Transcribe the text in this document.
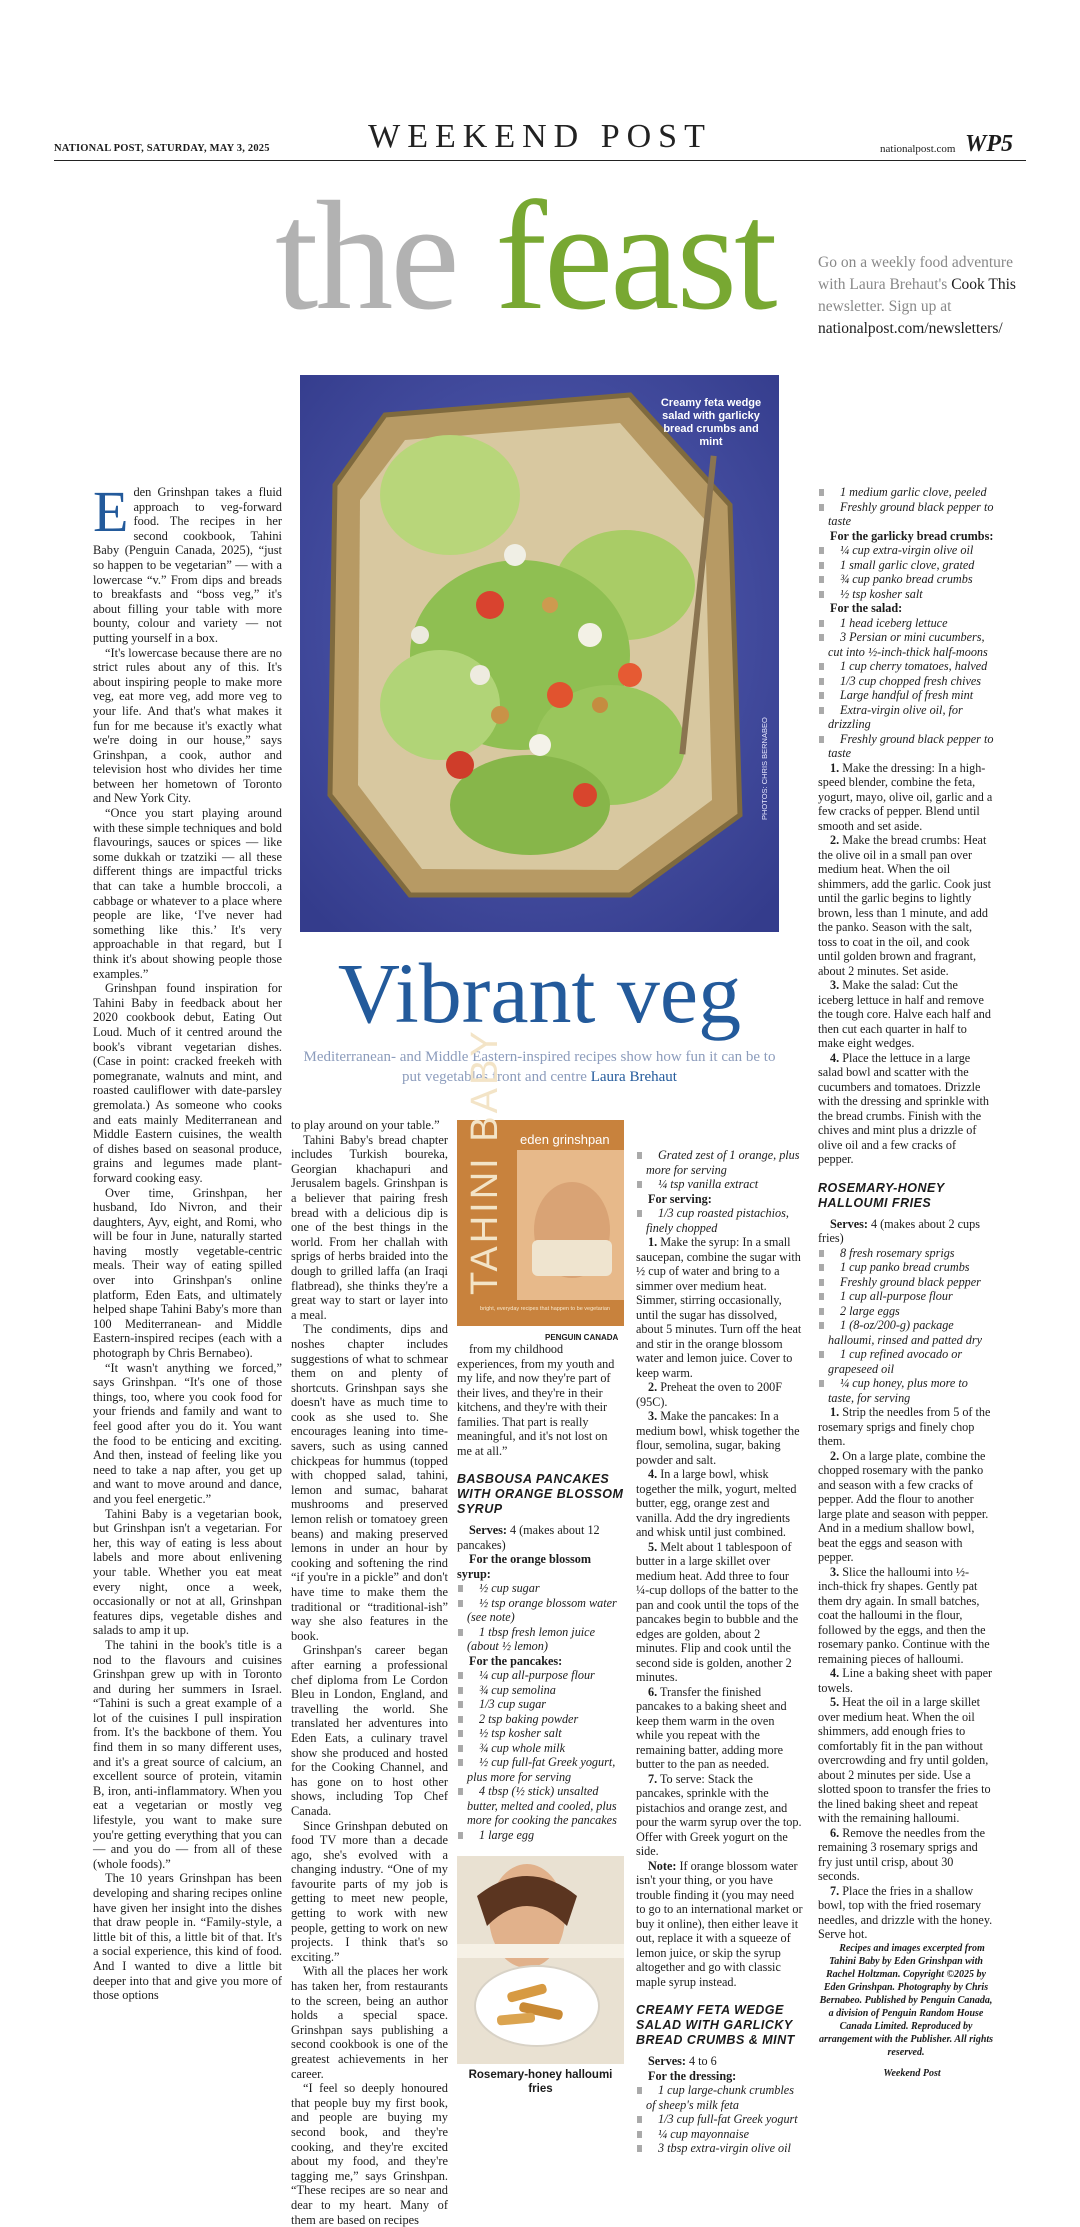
NATIONAL POST, SATURDAY, MAY 3, 2025	WEEKEND POST	nationalpost.com WP5
the feast	Go on a weekly food adventure with Laura Brehaut's Cook This newsletter. Sign up at nationalpost.com/newsletters/
Creamy feta wedge salad with garlicky bread crumbs and mint
PHOTOS: CHRIS BERNABEO
Vibrant veg
Mediterranean- and Middle Eastern-inspired recipes show how fun it can be to put vegetables front and centre Laura Brehaut
E den Grinshpan takes a fluid approach to veg-forward food. The recipes in her second cookbook, Tahini Baby (Penguin Canada, 2025), “just so happen to be vegetarian” — with a lowercase “v.” From dips and breads to breakfasts and “boss veg,” it's about filling your table with more bounty, colour and variety — not putting yourself in a box.

“It's lowercase because there are no strict rules about any of this. It's about inspiring people to make more veg, eat more veg, add more veg to your life. And that's what makes it fun for me because it's exactly what we're doing in our house,” says Grinshpan, a cook, author and television host who divides her time between her hometown of Toronto and New York City.

“Once you start playing around with these simple techniques and bold flavourings, sauces or spices — like some dukkah or tzatziki — all these different things are impactful tricks that can take a humble broccoli, a cabbage or whatever to a place where people are like, ‘I've never had something like this.’ It's very approachable in that regard, but I think it's about showing people those examples.”

Grinshpan found inspiration for Tahini Baby in feedback about her 2020 cookbook debut, Eating Out Loud. Much of it centred around the book's vibrant vegetarian dishes. (Case in point: cracked freekeh with pomegranate, walnuts and mint, and roasted cauliflower with date-parsley gremolata.) As someone who cooks and eats mainly Mediterranean and Middle Eastern cuisines, the wealth of dishes based on seasonal produce, grains and legumes made plant-forward cooking easy.

Over time, Grinshpan, her husband, Ido Nivron, and their daughters, Ayv, eight, and Romi, who will be four in June, naturally started having mostly vegetable-centric meals. Their way of eating spilled over into Grinshpan's online platform, Eden Eats, and ultimately helped shape Tahini Baby's more than 100 Mediterranean- and Middle Eastern-inspired recipes (each with a photograph by Chris Bernabeo).

“It wasn't anything we forced,” says Grinshpan. “It's one of those things, too, where you cook food for your friends and family and want to feel good after you do it. You want the food to be enticing and exciting. And then, instead of feeling like you need to take a nap after, you get up and want to move around and dance, and you feel energetic.”

Tahini Baby is a vegetarian book, but Grinshpan isn't a vegetarian. For her, this way of eating is less about labels and more about enlivening your table. Whether you eat meat every night, once a week, occasionally or not at all, Grinshpan features dips, vegetable dishes and salads to amp it up.

The tahini in the book's title is a nod to the flavours and cuisines Grinshpan grew up with in Toronto and during her summers in Israel. “Tahini is such a great example of a lot of the cuisines I pull inspiration from. It's the backbone of them. You find them in so many different uses, and it's a great source of calcium, an excellent source of protein, vitamin B, iron, anti-inflammatory. When you eat a vegetarian or mostly veg lifestyle, you want to make sure you're getting everything that you can — and you do — from all of these (whole foods).”

The 10 years Grinshpan has been developing and sharing recipes online have given her insight into the dishes that draw people in. “Family-style, a little bit of this, a little bit of that. It's a social experience, this kind of food. And I wanted to dive a little bit deeper into that and give you more of those options

to play around on your table.”

Tahini Baby's bread chapter includes Turkish boureka, Georgian khachapuri and Jerusalem bagels. Grinshpan is a believer that pairing fresh bread with a delicious dip is one of the best things in the world. From her challah with sprigs of herbs braided into the dough to grilled laffa (an Iraqi flatbread), she thinks they're a great way to start or layer into a meal.

The condiments, dips and noshes chapter includes suggestions of what to schmear them on and plenty of shortcuts. Grinshpan says she doesn't have as much time to cook as she used to. She encourages leaning into time-savers, such as using canned chickpeas for hummus (topped with chopped salad, tahini, lemon and sumac, baharat mushrooms and preserved lemon relish or tomatoey green beans) and making preserved lemons in under an hour by cooking and softening the rind “if you're in a pickle” and don't have time to make them the traditional or “traditional-ish” way she also features in the book.

Grinshpan's career began after earning a professional chef diploma from Le Cordon Bleu in London, England, and travelling the world. She translated her adventures into Eden Eats, a culinary travel show she produced and hosted for the Cooking Channel, and has gone on to host other shows, including Top Chef Canada.

Since Grinshpan debuted on food TV more than a decade ago, she's evolved with a changing industry. “One of my favourite parts of my job is getting to meet new people, getting to work with new people, getting to work on new projects. I think that's so exciting.”

With all the places her work has taken her, from restaurants to the screen, being an author holds a special space. Grinshpan says publishing a second cookbook is one of the greatest achievements in her career.

“I feel so deeply honoured that people buy my first book, and people are buying my second book, and they're cooking, and they're excited about my food, and they're tagging me,” says Grinshpan. “These recipes are so near and dear to my heart. Many of them are based on recipes

TAHINI BABY eden grinshpan
bright, everyday recipes that happen to be vegetarian
PENGUIN CANADA

from my childhood experiences, from my youth and my life, and now they're part of their lives, and they're in their kitchens, and they're with their families. That part is really meaningful, and it's not lost on me at all.”

BASBOUSA PANCAKES WITH ORANGE BLOSSOM SYRUP

Serves: 4 (makes about 12 pancakes)

For the orange blossom syrup:

½ cup sugar

½ tsp orange blossom water (see note)

1 tbsp fresh lemon juice (about ½ lemon)

For the pancakes:

¼ cup all-purpose flour

¾ cup semolina

1/3 cup sugar

2 tsp baking powder

½ tsp kosher salt

¾ cup whole milk

½ cup full-fat Greek yogurt, plus more for serving

4 tbsp (½ stick) unsalted butter, melted and cooled, plus more for cooking the pancakes

1 large egg

Rosemary-honey halloumi fries

Grated zest of 1 orange, plus more for serving

¼ tsp vanilla extract

For serving:

1/3 cup roasted pistachios, finely chopped

1. Make the syrup: In a small saucepan, combine the sugar with ½ cup of water and bring to a simmer over medium heat. Simmer, stirring occasionally, until the sugar has dissolved, about 5 minutes. Turn off the heat and stir in the orange blossom water and lemon juice. Cover to keep warm.

2. Preheat the oven to 200F (95C).

3. Make the pancakes: In a medium bowl, whisk together the flour, semolina, sugar, baking powder and salt.

4. In a large bowl, whisk together the milk, yogurt, melted butter, egg, orange zest and vanilla. Add the dry ingredients and whisk until just combined.

5. Melt about 1 tablespoon of butter in a large skillet over medium heat. Add three to four ¼-cup dollops of the batter to the pan and cook until the tops of the pancakes begin to bubble and the edges are golden, about 2 minutes. Flip and cook until the second side is golden, another 2 minutes.

6. Transfer the finished pancakes to a baking sheet and keep them warm in the oven while you repeat with the remaining batter, adding more butter to the pan as needed.

7. To serve: Stack the pancakes, sprinkle with the pistachios and orange zest, and pour the warm syrup over the top. Offer with Greek yogurt on the side.

Note: If orange blossom water isn't your thing, or you have trouble finding it (you may need to go to an international market or buy it online), then either leave it out, replace it with a squeeze of lemon juice, or skip the syrup altogether and go with classic maple syrup instead.

CREAMY FETA WEDGE SALAD WITH GARLICKY BREAD CRUMBS & MINT

Serves: 4 to 6

For the dressing:

1 cup large-chunk crumbles of sheep's milk feta

1/3 cup full-fat Greek yogurt

¼ cup mayonnaise

3 tbsp extra-virgin olive oil

1 medium garlic clove, peeled

Freshly ground black pepper to taste

For the garlicky bread crumbs:

¼ cup extra-virgin olive oil

1 small garlic clove, grated

¾ cup panko bread crumbs

½ tsp kosher salt

For the salad:

1 head iceberg lettuce

3 Persian or mini cucumbers, cut into ½-inch-thick half-moons

1 cup cherry tomatoes, halved

1/3 cup chopped fresh chives

Large handful of fresh mint

Extra-virgin olive oil, for drizzling

Freshly ground black pepper to taste

1. Make the dressing: In a high-speed blender, combine the feta, yogurt, mayo, olive oil, garlic and a few cracks of pepper. Blend until smooth and set aside.

2. Make the bread crumbs: Heat the olive oil in a small pan over medium heat. When the oil shimmers, add the garlic. Cook just until the garlic begins to lightly brown, less than 1 minute, and add the panko. Season with the salt, toss to coat in the oil, and cook until golden brown and fragrant, about 2 minutes. Set aside.

3. Make the salad: Cut the iceberg lettuce in half and remove the tough core. Halve each half and then cut each quarter in half to make eight wedges.

4. Place the lettuce in a large salad bowl and scatter with the cucumbers and tomatoes. Drizzle with the dressing and sprinkle with the bread crumbs. Finish with the chives and mint plus a drizzle of olive oil and a few cracks of pepper.

ROSEMARY-HONEY HALLOUMI FRIES

Serves: 4 (makes about 2 cups fries)

8 fresh rosemary sprigs

1 cup panko bread crumbs

Freshly ground black pepper

1 cup all-purpose flour

2 large eggs

1 (8-oz/200-g) package halloumi, rinsed and patted dry

1 cup refined avocado or grapeseed oil

¼ cup honey, plus more to taste, for serving

1. Strip the needles from 5 of the rosemary sprigs and finely chop them.

2. On a large plate, combine the chopped rosemary with the panko and season with a few cracks of pepper. Add the flour to another large plate and season with pepper. And in a medium shallow bowl, beat the eggs and season with pepper.

3. Slice the halloumi into ½-inch-thick fry shapes. Gently pat them dry again. In small batches, coat the halloumi in the flour, followed by the eggs, and then the rosemary panko. Continue with the remaining pieces of halloumi.

4. Line a baking sheet with paper towels.

5. Heat the oil in a large skillet over medium heat. When the oil shimmers, add enough fries to comfortably fit in the pan without overcrowding and fry until golden, about 2 minutes per side. Use a slotted spoon to transfer the fries to the lined baking sheet and repeat with the remaining halloumi.

6. Remove the needles from the remaining 3 rosemary sprigs and fry just until crisp, about 30 seconds.

7. Place the fries in a shallow bowl, top with the fried rosemary needles, and drizzle with the honey. Serve hot.

Recipes and images excerpted from Tahini Baby by Eden Grinshpan with Rachel Holtzman. Copyright ©2025 by Eden Grinshpan. Photography by Chris Bernabeo. Published by Penguin Canada, a division of Penguin Random House Canada Limited. Reproduced by arrangement with the Publisher. All rights reserved.

Weekend Post
